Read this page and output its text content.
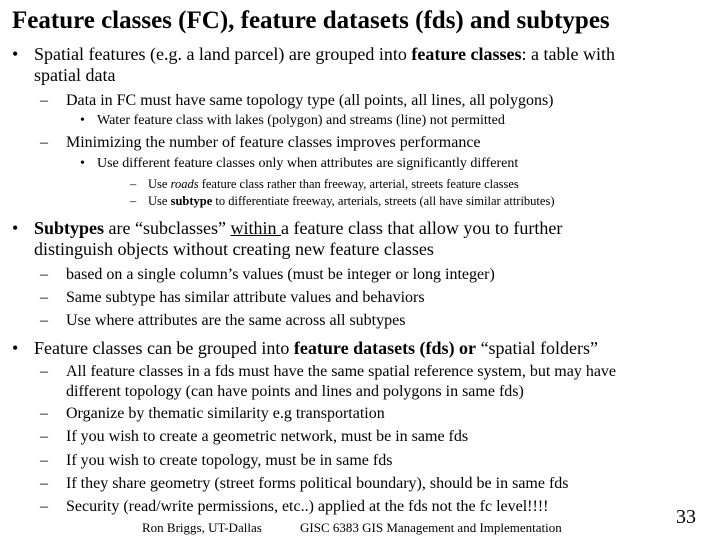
Feature classes (FC), feature datasets (fds) and subtypes
• Spatial features (e.g. a land parcel) are grouped into feature classes: a table with
spatial data
– Data in FC must have same topology type (all points, all lines, all polygons)
• Water feature class with lakes (polygon) and streams (line) not permitted
– Minimizing the number of feature classes improves performance
• Use different feature classes only when attributes are significantly different
– Use roads feature class rather than freeway, arterial, streets feature classes
– Use subtype to differentiate freeway, arterials, streets (all have similar attributes)
• Subtypes are “subclasses” within a feature class that allow you to further
distinguish objects without creating new feature classes
– based on a single column’s values (must be integer or long integer)
– Same subtype has similar attribute values and behaviors
– Use where attributes are the same across all subtypes
• Feature classes can be grouped into feature datasets (fds) or “spatial folders”
– All feature classes in a fds must have the same spatial reference system, but may have
different topology (can have points and lines and polygons in same fds)
– Organize by thematic similarity e.g transportation
– If you wish to create a geometric network, must be in same fds
– If you wish to create topology, must be in same fds
– If they share geometry (street forms political boundary), should be in same fds
– Security (read/write permissions, etc..) applied at the fds not the fc level!!!!
Ron Briggs, UT-Dallas	GISC 6383 GIS Management and Implementation	33
